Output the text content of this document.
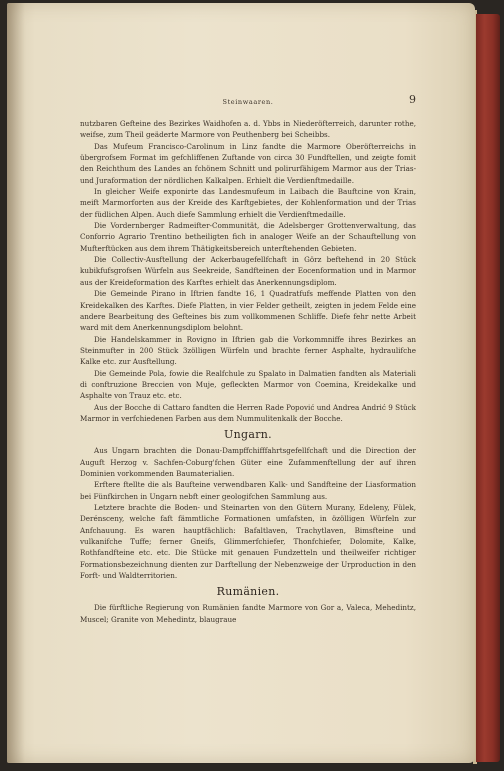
Steinwaaren.	9

nutzbaren Gefteine des Bezirkes Waidhofen a. d. Ybbs in Niederöfterreich, darunter rothe, weifse, zum Theil geäderte Marmore von Peuthenberg bei Scheibbs.

Das Mufeum Francisco-Carolinum in Linz fandte die Marmore Oberöfterreichs in übergrofsem Format im gefchliffenen Zuftande von circa 30 Fundftellen, und zeigte fomit den Reichthum des Landes an fchönem Schnitt und polirurfähigem Marmor aus der Trias- und Juraformation der nördlichen Kalkalpen. Erhielt die Verdienftmedaille.

In gleicher Weife exponirte das Landesmufeum in Laibach die Bauftcine von Krain, meift Marmorforten aus der Kreide des Karftgebietes, der Kohlenformation und der Trias der füdlichen Alpen. Auch diefe Sammlung erhielt die Verdienftmedaille.

Die Vordernberger Radmeifter-Communität, die Adelsberger Grottenverwaltung, das Conforrio Agrario Trentino betheiligten fich in analoger Weife an der Schauftellung von Mufterftücken aus dem ihrem Thätigkeitsbereich unterftehenden Gebieten.

Die Collectiv-Ausftellung der Ackerbaugefellfchaft in Görz beftehend in 20 Stück kubikfufsgrofsen Würfeln aus Seekreide, Sandfteinen der Eocenformation und in Marmor aus der Kreideformation des Karftes erhielt das Anerkennungsdiplom.

Die Gemeinde Pirano in Iftrien fandte 16, 1 Quadratfufs meffende Platten von den Kreidekalken des Karftes. Diefe Platten, in vier Felder getheilt, zeigten in jedem Felde eine andere Bearbeitung des Gefteines bis zum vollkommenen Schliffe. Diefe fehr nette Arbeit ward mit dem Anerkennungsdiplom belohnt.

Die Handelskammer in Rovigno in Iftrien gab die Vorkommniffe ihres Bezirkes an Steinmufter in 200 Stück 3zölligen Würfeln und brachte ferner Asphalte, hydraulifche Kalke etc. zur Ausftellung.

Die Gemeinde Pola, fowie die Realfchule zu Spalato in Dalmatien fandten als Materiali di conftruzione Breccien von Muje, gefleckten Marmor von Coemina, Kreidekalke und Asphalte von Trauz etc. etc.

Aus der Bocche di Cattaro fandten die Herren Rade Popović und Andrea Andrić 9 Stück Marmor in verfchiedenen Farben aus dem Nummulitenkalk der Bocche.

Ungarn.

Aus Ungarn brachten die Donau-Dampffchifffahrtsgefellfchaft und die Direction der Auguft Herzog v. Sachfen-Coburg'fchen Güter eine Zufammenftellung der auf ihren Dominien vorkommenden Baumaterialien.

Erftere ftellte die als Baufteine verwendbaren Kalk- und Sandfteine der Liasformation bei Fünfkirchen in Ungarn nebft einer geologifchen Sammlung aus.

Letztere brachte die Boden- und Steinarten von den Gütern Murany, Edeleny, Fülek, Derénsceny, welche faft fämmtliche Formationen umfafsten, in özölligen Würfeln zur Anfchauung. Es waren hauptfächlich: Bafaltlaven, Trachytlaven, Bimsfteine und vulkanifche Tuffe; ferner Gneifs, Glimmerfchiefer, Thonfchiefer, Dolomite, Kalke, Rothfandfteine etc. etc. Die Stücke mit genauen Fundzetteln und theilweifer richtiger Formationsbezeichnung dienten zur Darftellung der Nebenzweige der Urproduction in den Forft- und Waldterritorien.

Rumänien.

Die fürftliche Regierung von Rumänien fandte Marmore von Gor a, Valeca, Mehedintz, Muscel; Granite von Mehedintz, blaugraue
